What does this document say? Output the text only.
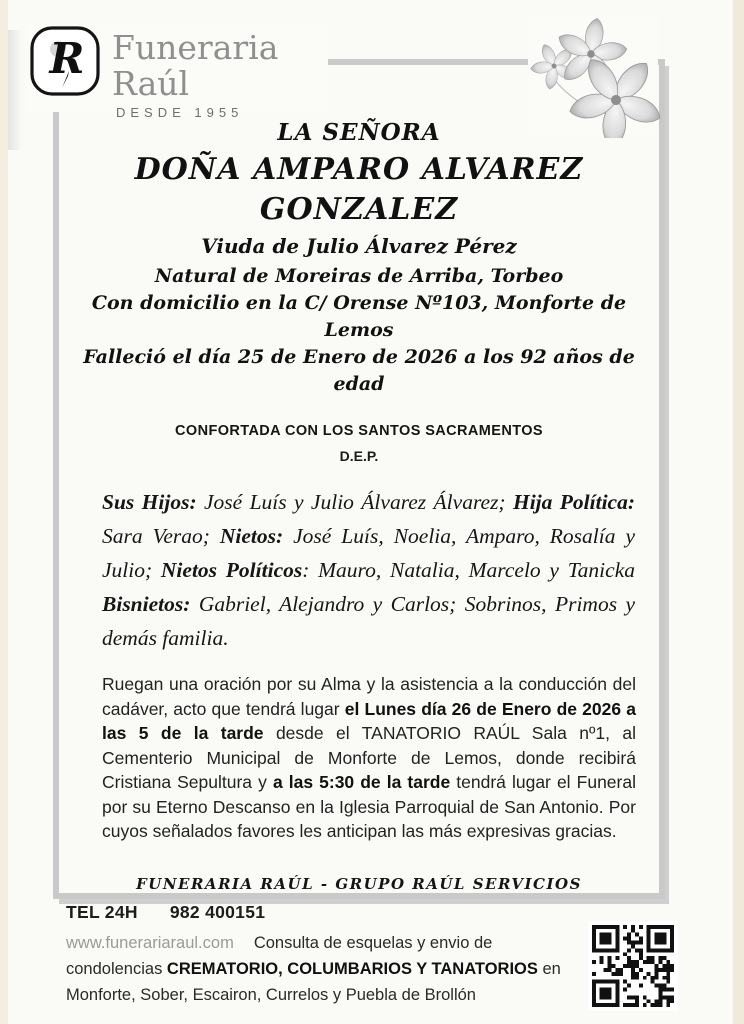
LA SEÑORA
DOÑA AMPARO ALVAREZ GONZALEZ
Viuda de Julio Álvarez Pérez
Natural de Moreiras de Arriba, Torbeo
Con domicilio en la C/ Orense Nº103, Monforte de Lemos
Falleció el día 25 de Enero de 2026 a los 92 años de edad
CONFORTADA CON LOS SANTOS SACRAMENTOS
D.E.P.

Sus Hijos: José Luís y Julio Álvarez Álvarez; Hija Política: Sara Verao; Nietos: José Luís, Noelia, Amparo, Rosalía y Julio; Nietos Políticos: Mauro, Natalia, Marcelo y Tanicka Bisnietos: Gabriel, Alejandro y Carlos; Sobrinos, Primos y demás familia.

Ruegan una oración por su Alma y la asistencia a la conducción del cadáver, acto que tendrá lugar el Lunes día 26 de Enero de 2026 a las 5 de la tarde desde el TANATORIO RAÚL Sala nº1, al Cementerio Municipal de Monforte de Lemos, donde recibirá Cristiana Sepultura y a las 5:30 de la tarde tendrá lugar el Funeral por su Eterno Descanso en la Iglesia Parroquial de San Antonio. Por cuyos señalados favores les anticipan las más expresivas gracias.

FUNERARIA RAÚL - GRUPO RAÚL SERVICIOS
R Funeraria Raúl
DESDE 1955
TEL 24H 982 400151
www.funerariaraul.com Consulta de esquelas y envio de
condolencias CREMATORIO, COLUMBARIOS Y TANATORIOS en
Monforte, Sober, Escairon, Currelos y Puebla de Brollón
